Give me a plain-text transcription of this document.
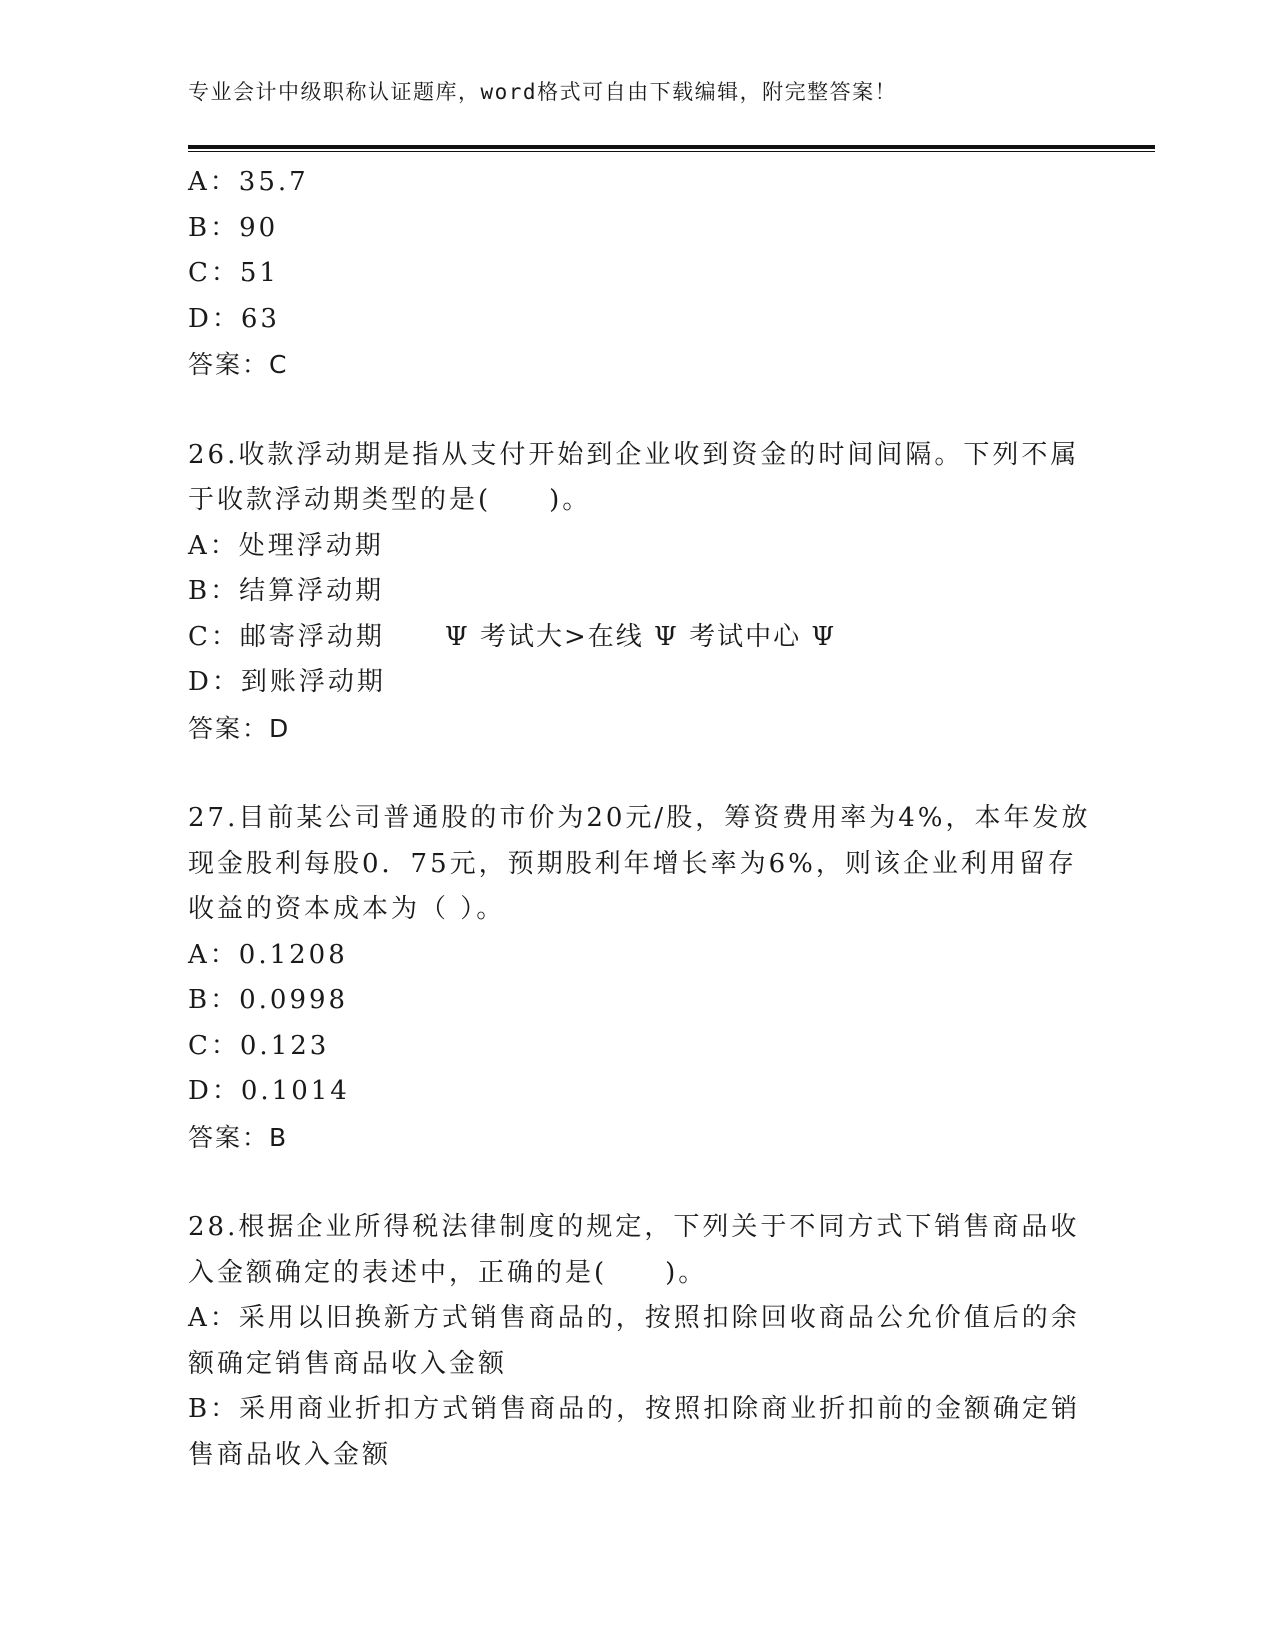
专业会计中级职称认证题库，word格式可自由下载编辑，附完整答案！
A：35.7
B：90
C：51
D：63
答案：C
26.收款浮动期是指从支付开始到企业收到资金的时间间隔。下列不属
于收款浮动期类型的是(　　)。
A：处理浮动期
B：结算浮动期
C：邮寄浮动期 Ψ 考试大>在线 Ψ 考试中心 Ψ
D：到账浮动期
答案：D
27.目前某公司普通股的市价为20元/股，筹资费用率为4%，本年发放
现金股利每股0．75元，预期股利年增长率为6%，则该企业利用留存
收益的资本成本为（ ）。
A：0.1208
B：0.0998
C：0.123
D：0.1014
答案：B
28.根据企业所得税法律制度的规定，下列关于不同方式下销售商品收
入金额确定的表述中，正确的是(　　)。
A：采用以旧换新方式销售商品的，按照扣除回收商品公允价值后的余
额确定销售商品收入金额
B：采用商业折扣方式销售商品的，按照扣除商业折扣前的金额确定销
售商品收入金额
